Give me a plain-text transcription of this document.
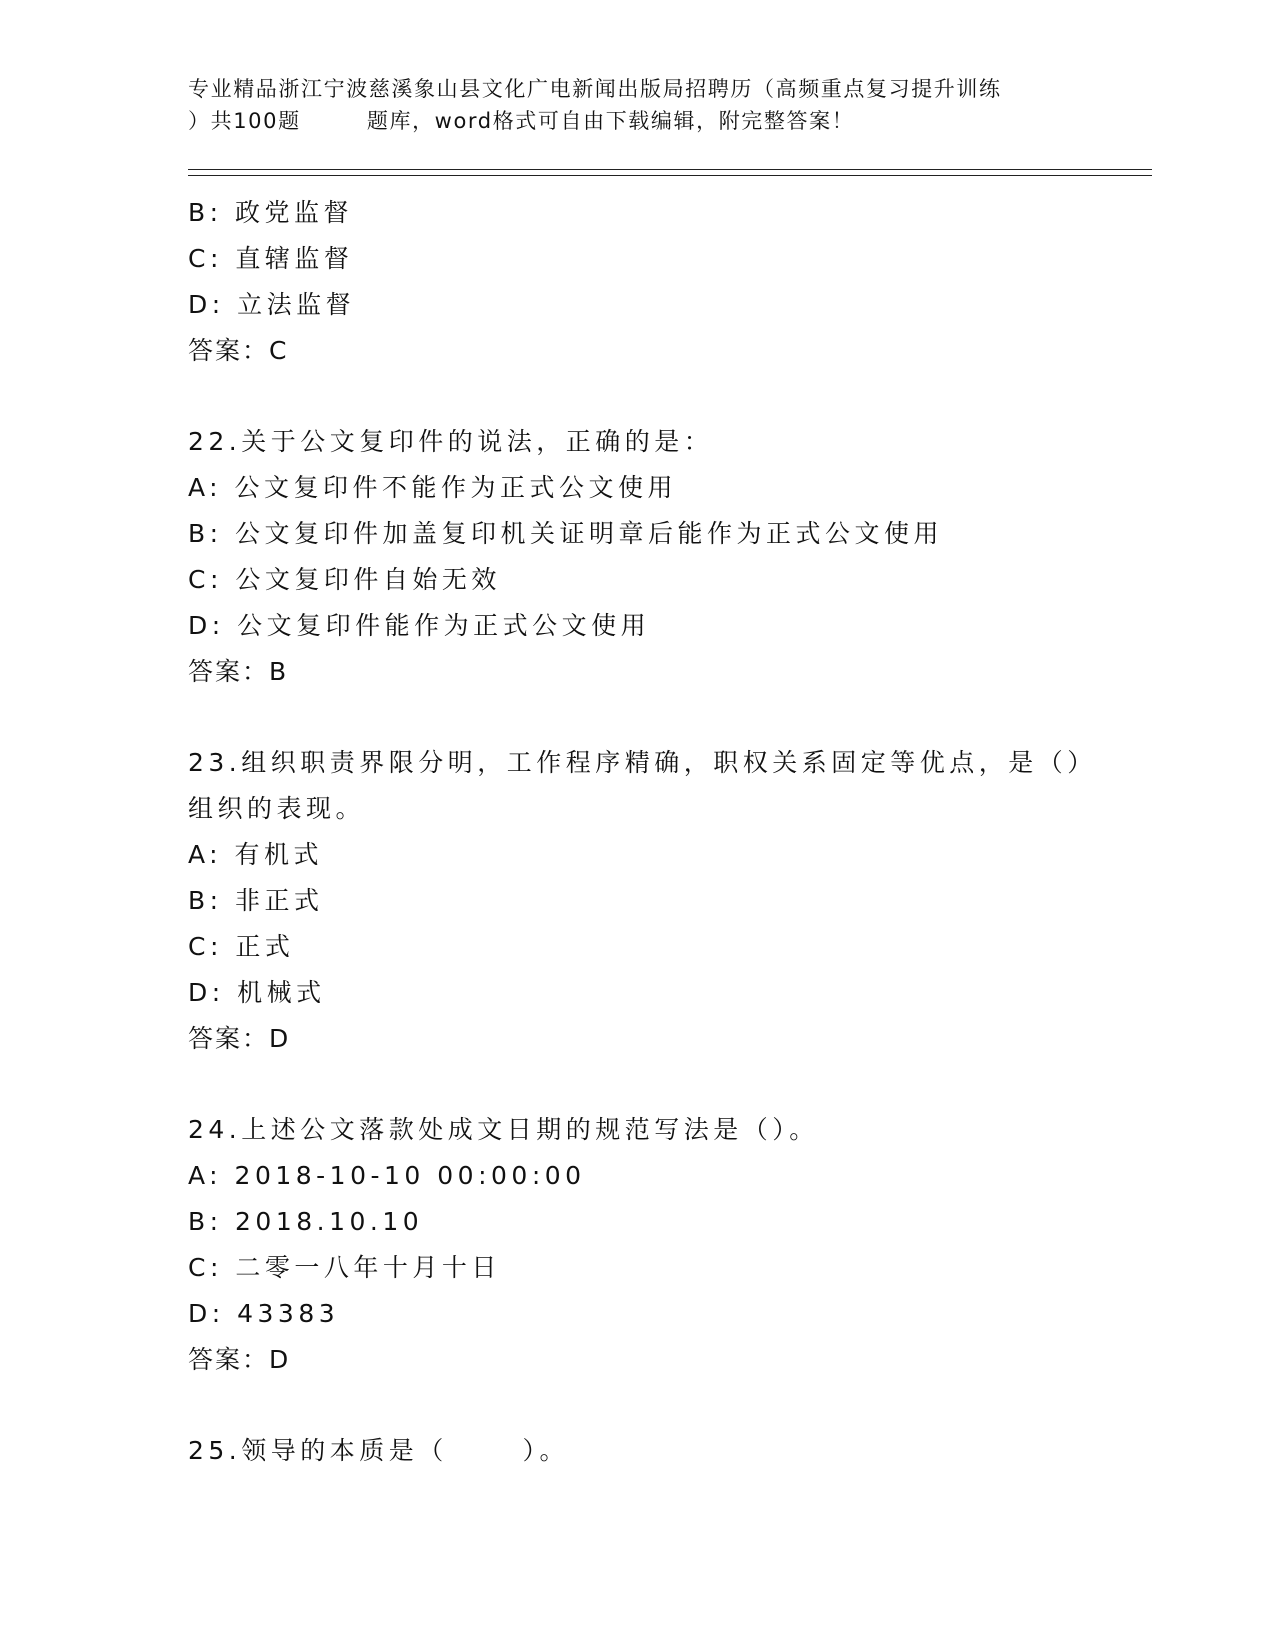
专业精品浙江宁波慈溪象山县文化广电新闻出版局招聘历（高频重点复习提升训练
）共100题        题库，word格式可自由下载编辑，附完整答案！
B: 政党监督
C: 直辖监督
D: 立法监督
答案：C
22.关于公文复印件的说法，正确的是：
A: 公文复印件不能作为正式公文使用
B: 公文复印件加盖复印机关证明章后能作为正式公文使用
C: 公文复印件自始无效
D: 公文复印件能作为正式公文使用
答案：B
23.组织职责界限分明，工作程序精确，职权关系固定等优点，是（）
组织的表现。
A: 有机式
B: 非正式
C: 正式
D: 机械式
答案：D
24.上述公文落款处成文日期的规范写法是（）。
A: 2018-10-10 00:00:00
B: 2018.10.10
C: 二零一八年十月十日
D: 43383
答案：D
25.领导的本质是（      ）。
